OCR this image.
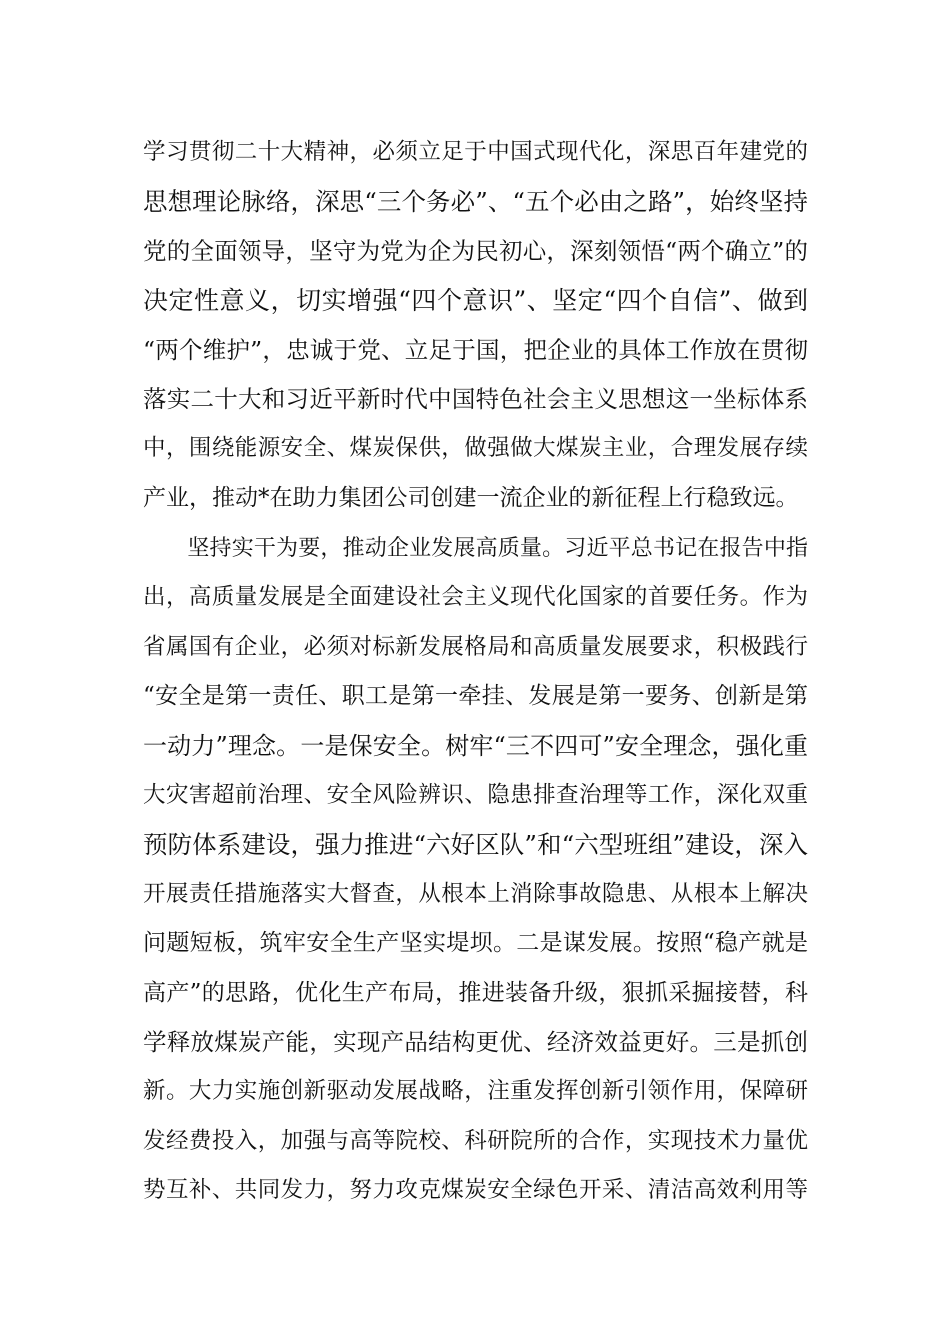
学习贯彻二十大精神，必须立足于中国式现代化，深思百年建党的
思想理论脉络，深思“三个务必”、“五个必由之路”，始终坚持
党的全面领导，坚守为党为企为民初心，深刻领悟“两个确立”的
决定性意义，切实增强“四个意识”、坚定“四个自信”、做到
“两个维护”，忠诚于党、立足于国，把企业的具体工作放在贯彻
落实二十大和习近平新时代中国特色社会主义思想这一坐标体系
中，围绕能源安全、煤炭保供，做强做大煤炭主业，合理发展存续
产业，推动*在助力集团公司创建一流企业的新征程上行稳致远。
　　坚持实干为要，推动企业发展高质量。习近平总书记在报告中指
出，高质量发展是全面建设社会主义现代化国家的首要任务。作为
省属国有企业，必须对标新发展格局和高质量发展要求，积极践行
“安全是第一责任、职工是第一牵挂、发展是第一要务、创新是第
一动力”理念。一是保安全。树牢“三不四可”安全理念，强化重
大灾害超前治理、安全风险辨识、隐患排查治理等工作，深化双重
预防体系建设，强力推进“六好区队”和“六型班组”建设，深入
开展责任措施落实大督查，从根本上消除事故隐患、从根本上解决
问题短板，筑牢安全生产坚实堤坝。二是谋发展。按照“稳产就是
高产”的思路，优化生产布局，推进装备升级，狠抓采掘接替，科
学释放煤炭产能，实现产品结构更优、经济效益更好。三是抓创
新。大力实施创新驱动发展战略，注重发挥创新引领作用，保障研
发经费投入，加强与高等院校、科研院所的合作，实现技术力量优
势互补、共同发力，努力攻克煤炭安全绿色开采、清洁高效利用等
